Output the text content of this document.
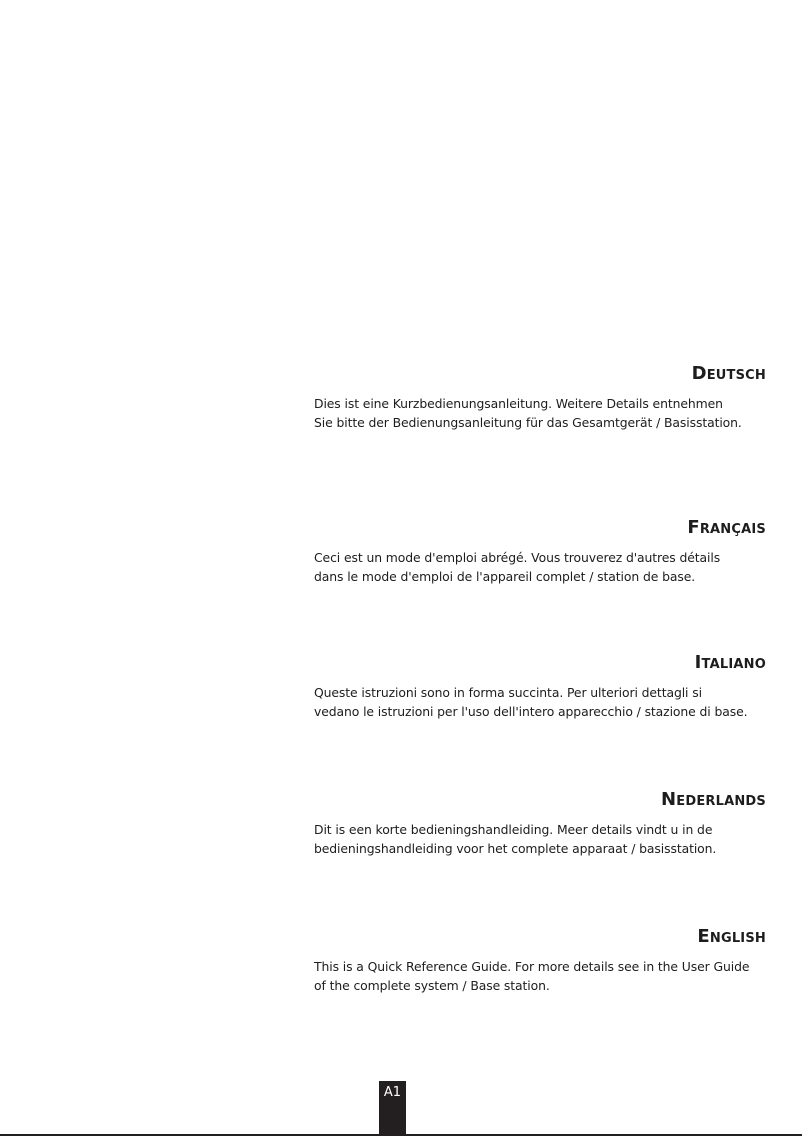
Deutsch
Dies ist eine Kurzbedienungsanleitung. Weitere Details entnehmen
Sie bitte der Bedienungsanleitung für das Gesamtgerät / Basisstation.
Français
Ceci est un mode d'emploi abrégé. Vous trouverez d'autres détails
dans le mode d'emploi de l'appareil complet / station de base.
Italiano
Queste istruzioni sono in forma succinta. Per ulteriori dettagli si
vedano le istruzioni per l'uso dell'intero apparecchio / stazione di base.
Nederlands
Dit is een korte bedieningshandleiding. Meer details vindt u in de
bedieningshandleiding voor het complete apparaat / basisstation.
English
This is a Quick Reference Guide. For more details see in the User Guide
of the complete system / Base station.
A1
